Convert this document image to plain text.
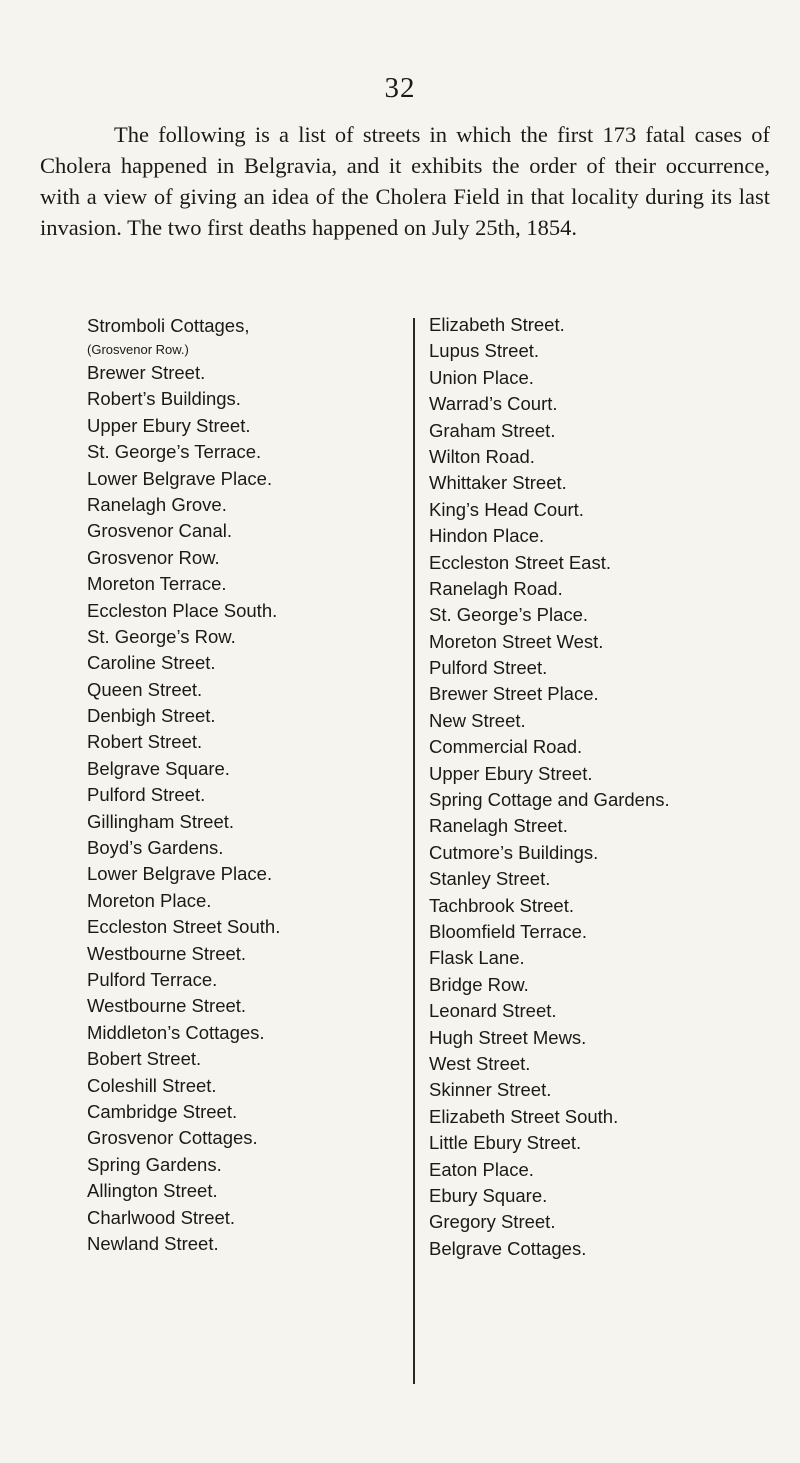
32

The following is a list of streets in which the first 173 fatal cases of Cholera happened in Belgravia, and it exhibits the order of their occurrence, with a view of giving an idea of the Cholera Field in that locality during its last invasion. The two first deaths happened on July 25th, 1854.

Stromboli Cottages,
(Grosvenor Row.)
Brewer Street.
Robert’s Buildings.
Upper Ebury Street.
St. George’s Terrace.
Lower Belgrave Place.
Ranelagh Grove.
Grosvenor Canal.
Grosvenor Row.
Moreton Terrace.
Eccleston Place South.
St. George’s Row.
Caroline Street.
Queen Street.
Denbigh Street.
Robert Street.
Belgrave Square.
Pulford Street.
Gillingham Street.
Boyd’s Gardens.
Lower Belgrave Place.
Moreton Place.
Eccleston Street South.
Westbourne Street.
Pulford Terrace.
Westbourne Street.
Middleton’s Cottages.
Bobert Street.
Coleshill Street.
Cambridge Street.
Grosvenor Cottages.
Spring Gardens.
Allington Street.
Charlwood Street.
Newland Street.
Elizabeth Street.
Lupus Street.
Union Place.
Warrad’s Court.
Graham Street.
Wilton Road.
Whittaker Street.
King’s Head Court.
Hindon Place.
Eccleston Street East.
Ranelagh Road.
St. George’s Place.
Moreton Street West.
Pulford Street.
Brewer Street Place.
New Street.
Commercial Road.
Upper Ebury Street.
Spring Cottage and Gardens.
Ranelagh Street.
Cutmore’s Buildings.
Stanley Street.
Tachbrook Street.
Bloomfield Terrace.
Flask Lane.
Bridge Row.
Leonard Street.
Hugh Street Mews.
West Street.
Skinner Street.
Elizabeth Street South.
Little Ebury Street.
Eaton Place.
Ebury Square.
Gregory Street.
Belgrave Cottages.
